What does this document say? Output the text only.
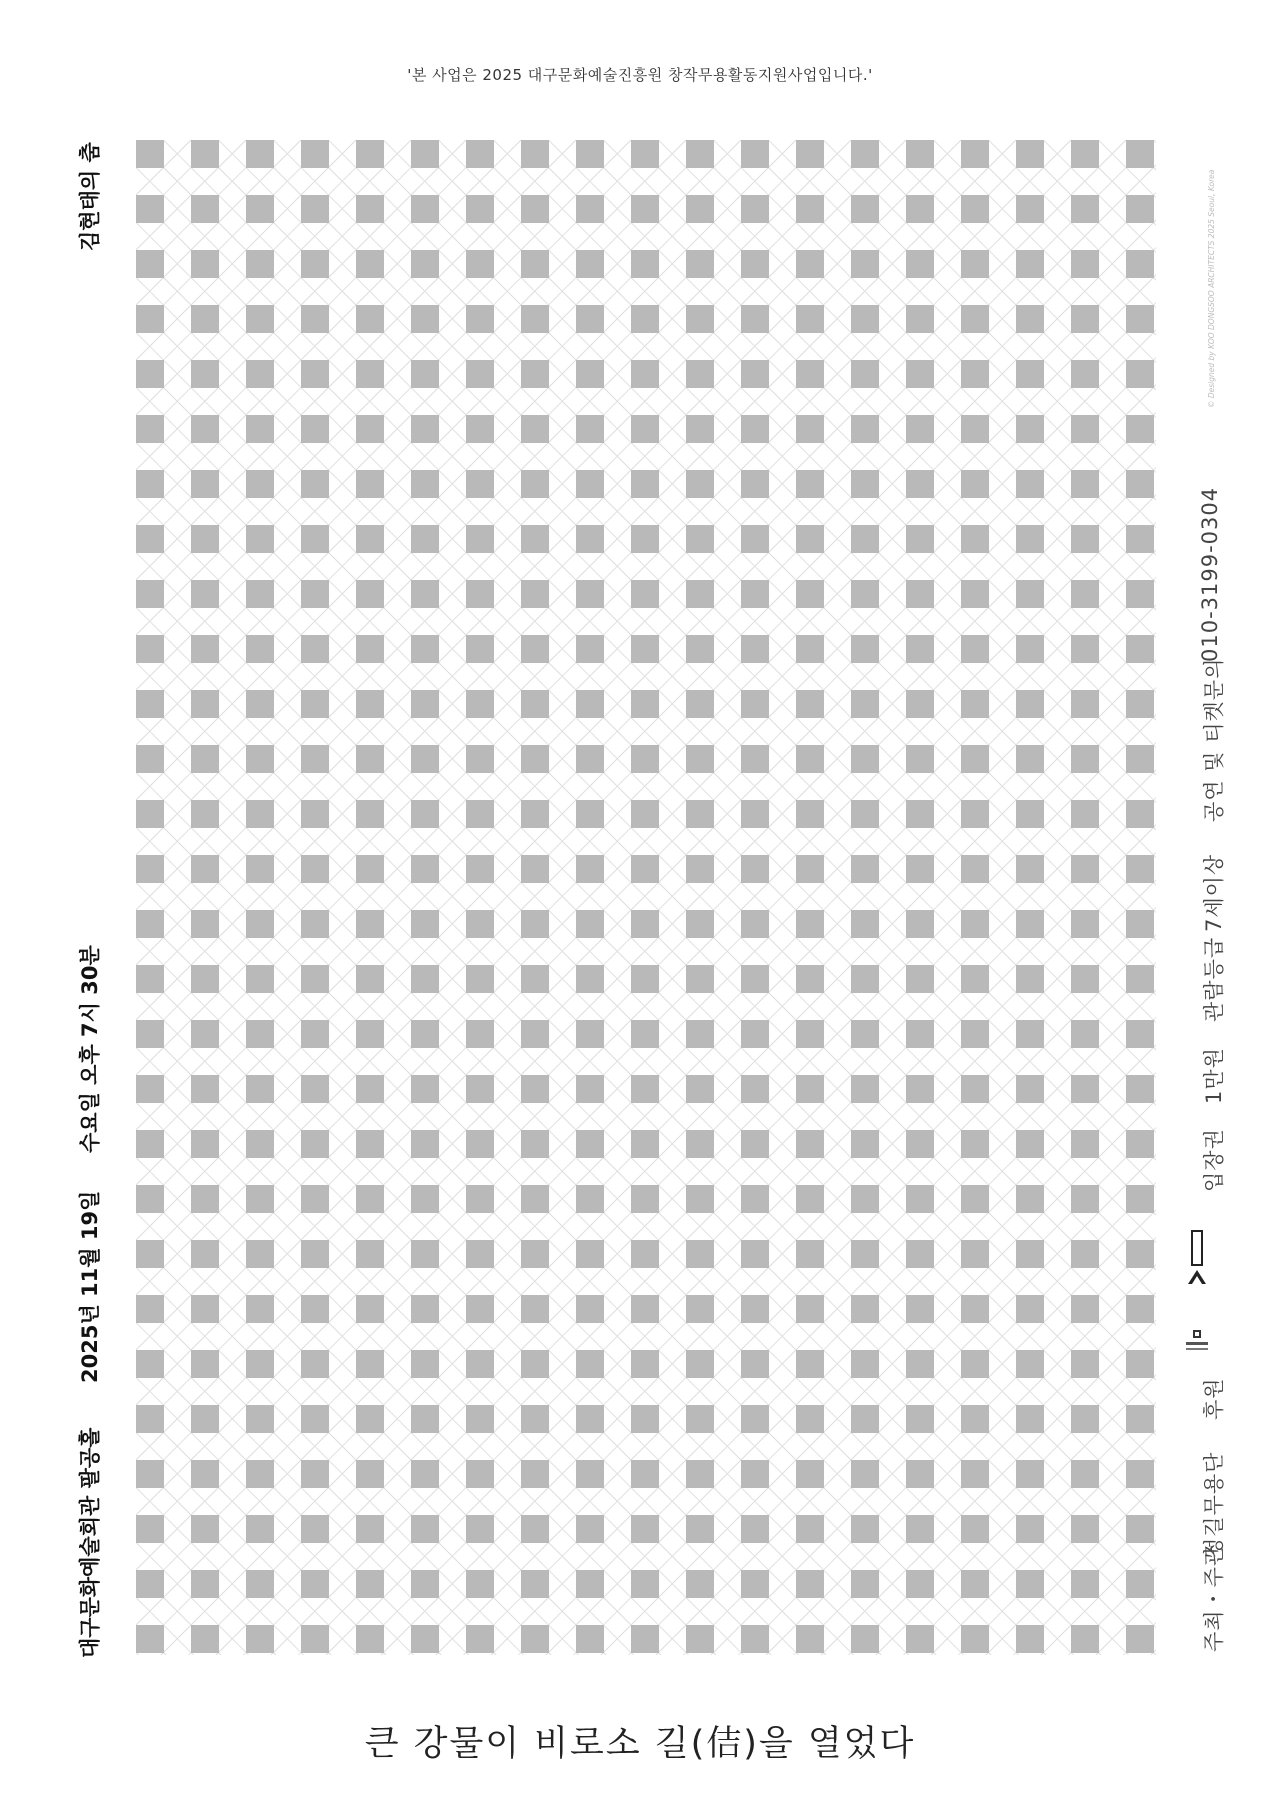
'본 사업은 2025 대구문화예술진흥원 창작무용활동지원사업입니다.'
대구문화예술회관 팔공홀
2025년 11월 19일
수요일 오후 7시 30분
김현태의 춤
주최・주관
정길무용단
후원
입장권
1만원
관람등급
7세이상
공연 및 티켓문의
010-3199-0304
© Designed by KOO DONGSOO ARCHITECTS 2025 Seoul, Korea
큰 강물이 비로소 길(佶)을 열었다
